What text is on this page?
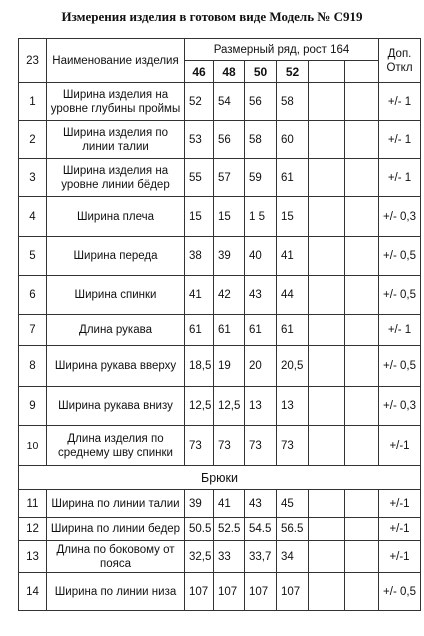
Измерения изделия в готовом виде Модель № С919
23	Наименование изделия	Размерный ряд, рост 164						Доп. Откл
		46	48	50	52			
1	Ширина изделия на уровне глубины проймы	52	54	56	58			+/- 1
2	Ширина изделия по линии талии	53	56	58	60			+/- 1
3	Ширина изделия на уровне линии бёдер	55	57	59	61			+/- 1
4	Ширина плеча	15	15	1 5	15			+/- 0,3
5	Ширина переда	38	39	40	41			+/- 0,5
6	Ширина спинки	41	42	43	44			+/- 0,5
7	Длина рукава	61	61	61	61			+/- 1
8	Ширина рукава вверху	18,5	19	20	20,5			+/- 0,5
9	Ширина рукава внизу	12,5	12,5	13	13			+/- 0,3
10	Длина изделия по среднему шву спинки	73	73	73	73			+/-1
Брюки								
11	Ширина по линии талии	39	41	43	45			+/-1
12	Ширина по линии бедер	50.5	52.5	54.5	56.5			+/-1
13	Длина по боковому от пояса	32,5	33	33,7	34			+/-1
14	Ширина по линии низа	107	107	107	107			+/- 0,5
